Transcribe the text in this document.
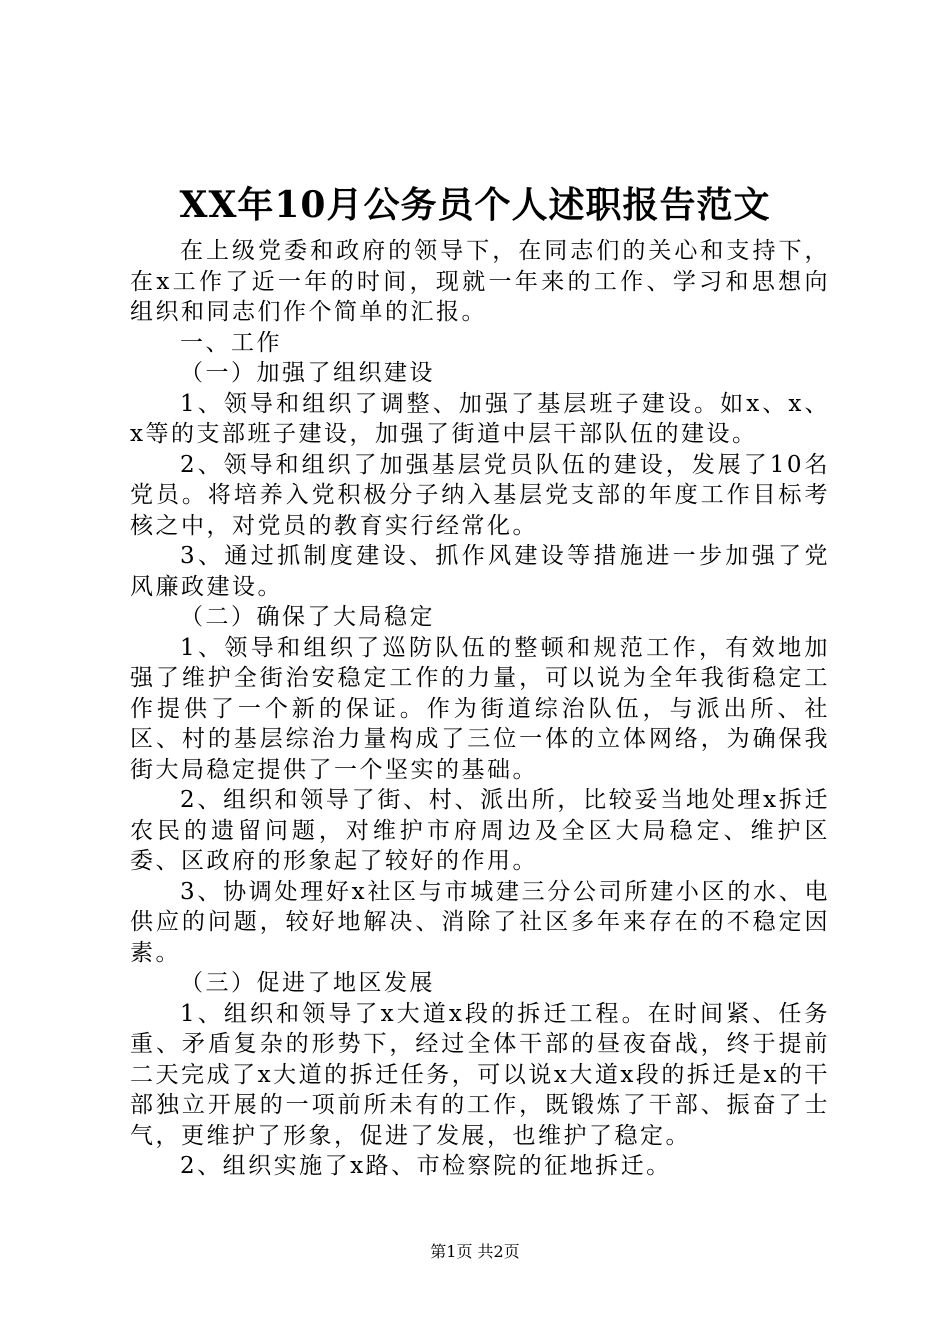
XX年10月公务员个人述职报告范文

在上级党委和政府的领导下，在同志们的关心和支持下，在x工作了近一年的时间，现就一年来的工作、学习和思想向组织和同志们作个简单的汇报。

一、工作

（一）加强了组织建设

1、领导和组织了调整、加强了基层班子建设。如x、x、x等的支部班子建设，加强了街道中层干部队伍的建设。

2、领导和组织了加强基层党员队伍的建设，发展了10名党员。将培养入党积极分子纳入基层党支部的年度工作目标考核之中，对党员的教育实行经常化。

3、通过抓制度建设、抓作风建设等措施进一步加强了党风廉政建设。

（二）确保了大局稳定

1、领导和组织了巡防队伍的整顿和规范工作，有效地加强了维护全街治安稳定工作的力量，可以说为全年我街稳定工作提供了一个新的保证。作为街道综治队伍，与派出所、社区、村的基层综治力量构成了三位一体的立体网络，为确保我街大局稳定提供了一个坚实的基础。

2、组织和领导了街、村、派出所，比较妥当地处理x拆迁农民的遗留问题，对维护市府周边及全区大局稳定、维护区委、区政府的形象起了较好的作用。

3、协调处理好x社区与市城建三分公司所建小区的水、电供应的问题，较好地解决、消除了社区多年来存在的不稳定因素。

（三）促进了地区发展

1、组织和领导了x大道x段的拆迁工程。在时间紧、任务重、矛盾复杂的形势下，经过全体干部的昼夜奋战，终于提前二天完成了x大道的拆迁任务，可以说x大道x段的拆迁是x的干部独立开展的一项前所未有的工作，既锻炼了干部、振奋了士气，更维护了形象，促进了发展，也维护了稳定。

2、组织实施了x路、市检察院的征地拆迁。

第1页 共2页
